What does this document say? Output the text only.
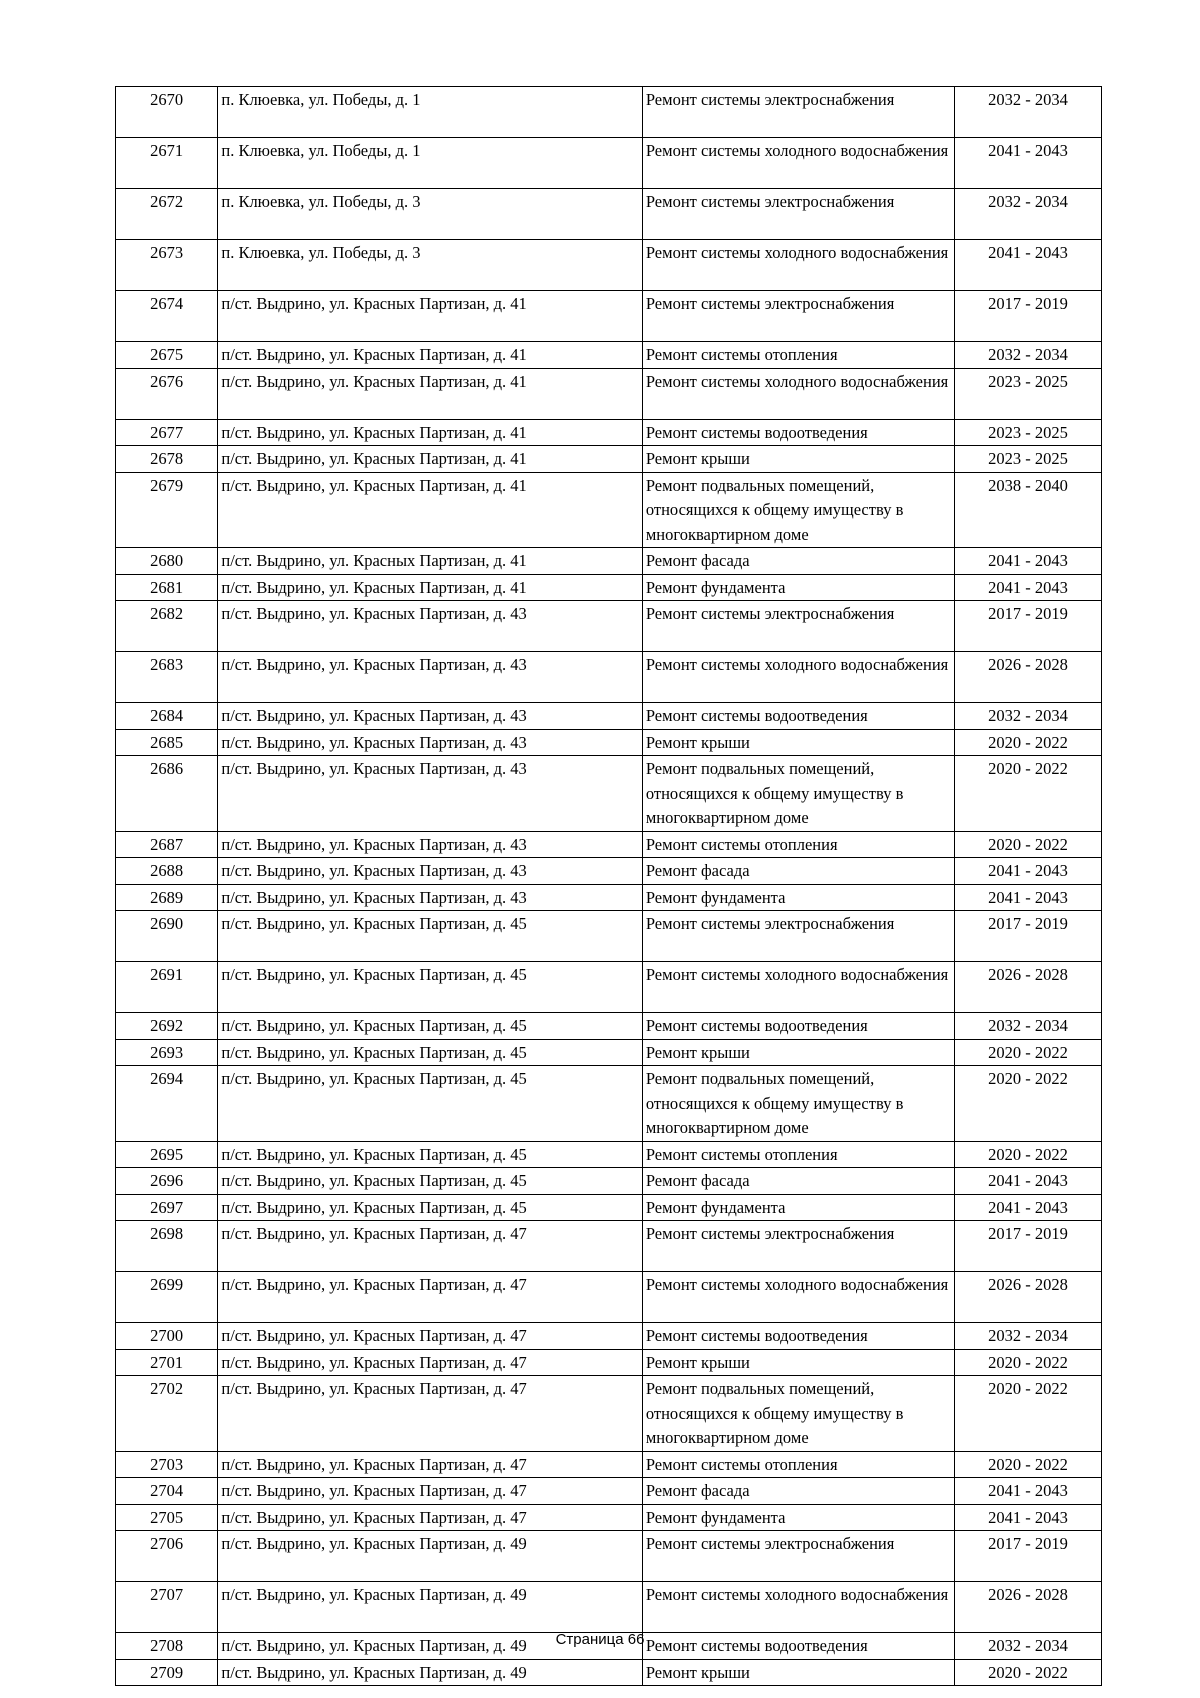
2670	п. Клюевка, ул. Победы, д. 1	Ремонт системы электроснабжения	2032 - 2034
2671	п. Клюевка, ул. Победы, д. 1	Ремонт системы холодного водоснабжения	2041 - 2043
2672	п. Клюевка, ул. Победы, д. 3	Ремонт системы электроснабжения	2032 - 2034
2673	п. Клюевка, ул. Победы, д. 3	Ремонт системы холодного водоснабжения	2041 - 2043
2674	п/ст. Выдрино, ул. Красных Партизан, д. 41	Ремонт системы электроснабжения	2017 - 2019
2675	п/ст. Выдрино, ул. Красных Партизан, д. 41	Ремонт системы отопления	2032 - 2034
2676	п/ст. Выдрино, ул. Красных Партизан, д. 41	Ремонт системы холодного водоснабжения	2023 - 2025
2677	п/ст. Выдрино, ул. Красных Партизан, д. 41	Ремонт системы водоотведения	2023 - 2025
2678	п/ст. Выдрино, ул. Красных Партизан, д. 41	Ремонт крыши	2023 - 2025
2679	п/ст. Выдрино, ул. Красных Партизан, д. 41	Ремонт подвальных помещений, относящихся к общему имуществу в многоквартирном доме	2038 - 2040
2680	п/ст. Выдрино, ул. Красных Партизан, д. 41	Ремонт фасада	2041 - 2043
2681	п/ст. Выдрино, ул. Красных Партизан, д. 41	Ремонт фундамента	2041 - 2043
2682	п/ст. Выдрино, ул. Красных Партизан, д. 43	Ремонт системы электроснабжения	2017 - 2019
2683	п/ст. Выдрино, ул. Красных Партизан, д. 43	Ремонт системы холодного водоснабжения	2026 - 2028
2684	п/ст. Выдрино, ул. Красных Партизан, д. 43	Ремонт системы водоотведения	2032 - 2034
2685	п/ст. Выдрино, ул. Красных Партизан, д. 43	Ремонт крыши	2020 - 2022
2686	п/ст. Выдрино, ул. Красных Партизан, д. 43	Ремонт подвальных помещений, относящихся к общему имуществу в многоквартирном доме	2020 - 2022
2687	п/ст. Выдрино, ул. Красных Партизан, д. 43	Ремонт системы отопления	2020 - 2022
2688	п/ст. Выдрино, ул. Красных Партизан, д. 43	Ремонт фасада	2041 - 2043
2689	п/ст. Выдрино, ул. Красных Партизан, д. 43	Ремонт фундамента	2041 - 2043
2690	п/ст. Выдрино, ул. Красных Партизан, д. 45	Ремонт системы электроснабжения	2017 - 2019
2691	п/ст. Выдрино, ул. Красных Партизан, д. 45	Ремонт системы холодного водоснабжения	2026 - 2028
2692	п/ст. Выдрино, ул. Красных Партизан, д. 45	Ремонт системы водоотведения	2032 - 2034
2693	п/ст. Выдрино, ул. Красных Партизан, д. 45	Ремонт крыши	2020 - 2022
2694	п/ст. Выдрино, ул. Красных Партизан, д. 45	Ремонт подвальных помещений, относящихся к общему имуществу в многоквартирном доме	2020 - 2022
2695	п/ст. Выдрино, ул. Красных Партизан, д. 45	Ремонт системы отопления	2020 - 2022
2696	п/ст. Выдрино, ул. Красных Партизан, д. 45	Ремонт фасада	2041 - 2043
2697	п/ст. Выдрино, ул. Красных Партизан, д. 45	Ремонт фундамента	2041 - 2043
2698	п/ст. Выдрино, ул. Красных Партизан, д. 47	Ремонт системы электроснабжения	2017 - 2019
2699	п/ст. Выдрино, ул. Красных Партизан, д. 47	Ремонт системы холодного водоснабжения	2026 - 2028
2700	п/ст. Выдрино, ул. Красных Партизан, д. 47	Ремонт системы водоотведения	2032 - 2034
2701	п/ст. Выдрино, ул. Красных Партизан, д. 47	Ремонт крыши	2020 - 2022
2702	п/ст. Выдрино, ул. Красных Партизан, д. 47	Ремонт подвальных помещений, относящихся к общему имуществу в многоквартирном доме	2020 - 2022
2703	п/ст. Выдрино, ул. Красных Партизан, д. 47	Ремонт системы отопления	2020 - 2022
2704	п/ст. Выдрино, ул. Красных Партизан, д. 47	Ремонт фасада	2041 - 2043
2705	п/ст. Выдрино, ул. Красных Партизан, д. 47	Ремонт фундамента	2041 - 2043
2706	п/ст. Выдрино, ул. Красных Партизан, д. 49	Ремонт системы электроснабжения	2017 - 2019
2707	п/ст. Выдрино, ул. Красных Партизан, д. 49	Ремонт системы холодного водоснабжения	2026 - 2028
2708	п/ст. Выдрино, ул. Красных Партизан, д. 49	Ремонт системы водоотведения	2032 - 2034
2709	п/ст. Выдрино, ул. Красных Партизан, д. 49	Ремонт крыши	2020 - 2022
Страница 66
